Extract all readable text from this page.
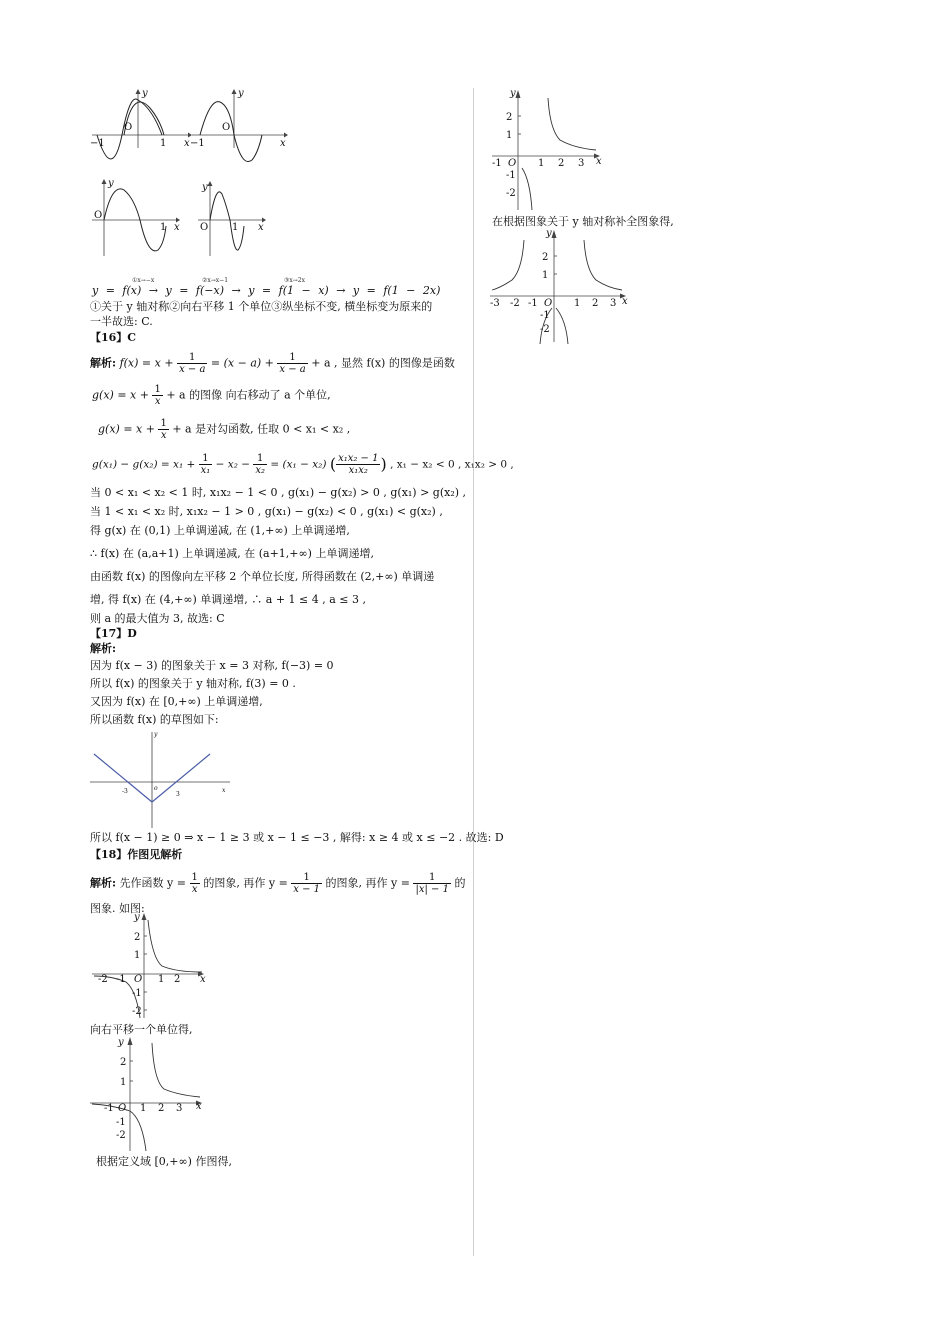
−1	1
O
y
x −1
O
y
x
O
y
1 x O
y
1 x
①x→−x	②x→x−1	③x→2x
y = f(x) → y = f(−x) → y = f(1 − x) → y = f(1 − 2x)
①关于 y 轴对称②向右平移 1 个单位③纵坐标不变, 横坐标变为原来的
一半故选: C.
【16】C
解析: $f(x) = x + \frac{1}{x - a} = (x - a) + \frac{1}{x - a} + a$ , 显然 f(x) 的图像是函数
$g(x) = x + \frac{1}{x} + a$ 的图像 向右移动了 a 个单位,
$g(x) = x + \frac{1}{x} + a$ 是对勾函数, 任取 0 < x₁ < x₂ ,
$g(x_1) - g(x_2) = x_1 + \frac{1}{\text{x₁}} - x_2 - \frac{1}{\text{x₂}} = (x_1 - x_2)$ ( $\frac{\text{x₁x₂ − 1}}{\text{x₁x₂}}$ ) , x₁ − x₂ < 0 , x₁x₂ > 0 ,
当 0 < x₁ < x₂ < 1 时, x₁x₂ − 1 < 0 , g(x₁) − g(x₂) > 0 , g(x₁) > g(x₂) ,
当 1 < x₁ < x₂ 时, x₁x₂ − 1 > 0 , g(x₁) − g(x₂) < 0 , g(x₁) < g(x₂) ,
得 g(x) 在 (0,1) 上单调递减, 在 (1,+∞) 上单调递增,
∴ f(x) 在 (a,a+1) 上单调递减, 在 (a+1,+∞) 上单调递增,
由函数 f(x) 的图像向左平移 2 个单位长度, 所得函数在 (2,+∞) 单调递
增, 得 f(x) 在 (4,+∞) 单调递增, ∴ a + 1 ≤ 4 , a ≤ 3 ,
则 a 的最大值为 3, 故选: C
【17】D
解析:
因为 f(x − 3) 的图象关于 x = 3 对称, f(−3) = 0
所以 f(x) 的图象关于 y 轴对称, f(3) = 0 .
又因为 f(x) 在 [0,+∞) 上单调递增,
所以函数 f(x) 的草图如下:
-3	3
o
y
x
所以 f(x − 1) ≥ 0 ⇒ x − 1 ≥ 3 或 x − 1 ≤ −3 , 解得: x ≥ 4 或 x ≤ −2 . 故选: D
【18】作图见解析
解析: 先作函数 $y = \frac{1}{x}$ 的图象, 再作 $y = \frac{1}{x - 1}$ 的图象, 再作 $y = \frac{1}{|x| - 1}$ 的
图象. 如图:
2
1
-1
-2
-2 -1 O 1 2 x
y
向右平移一个单位得,
2
1
-1
-2
-1 O 1 2 3 x
y
根据定义域 [0,+∞) 作图得,
2
1
-1
-2
-1 O 1 2 3 x
y
在根据图象关于 y 轴对称补全图象得,
2
1
-1
-2
-3 -2 -1 O 1 2 3 x
y
